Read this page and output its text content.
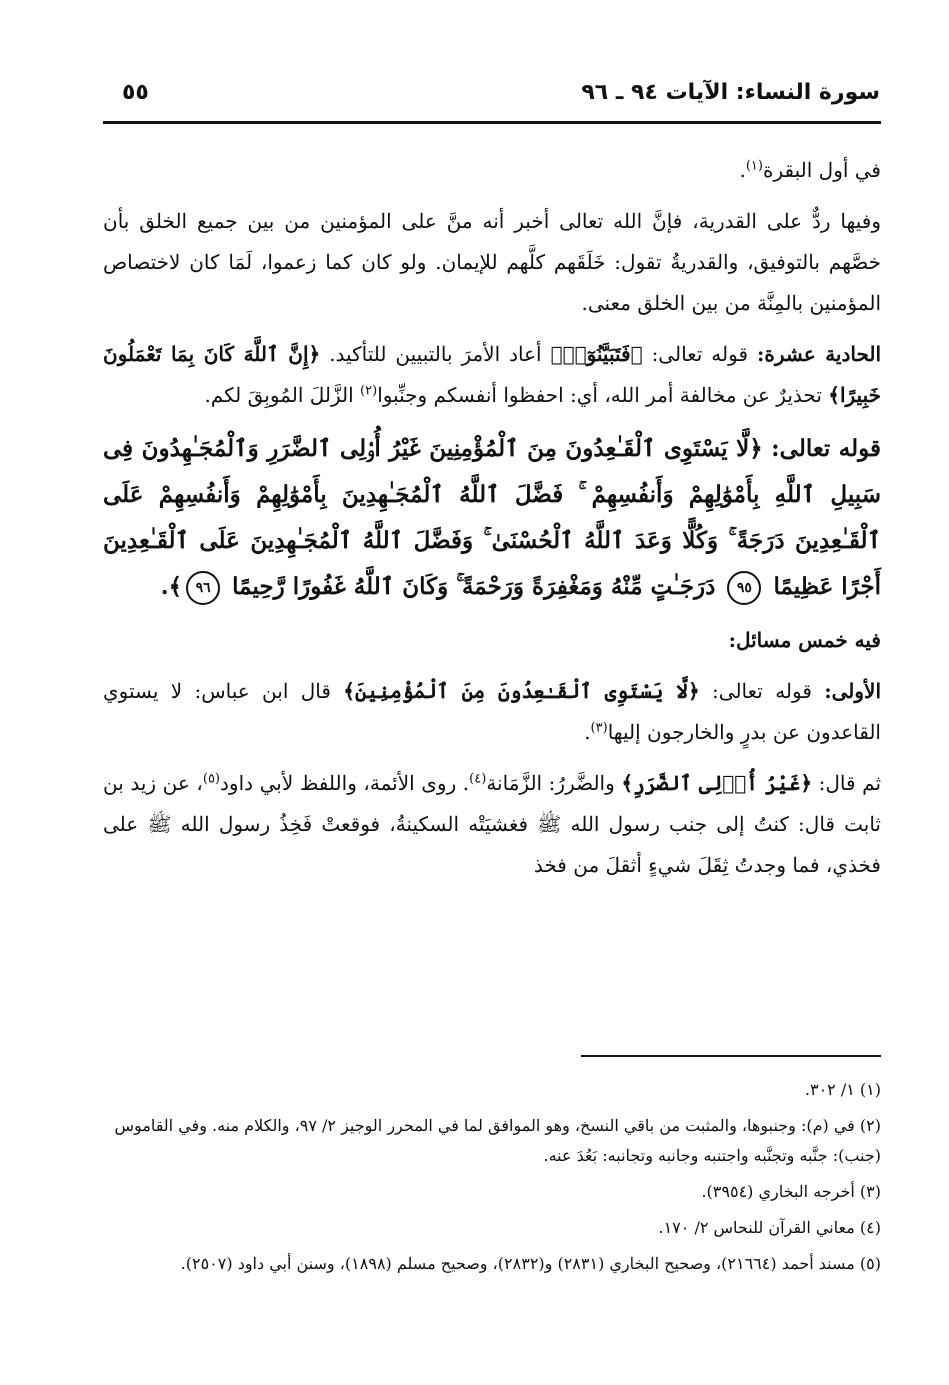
سورة النساء: الآيات ٩٤ ـ ٩٦
٥٥

في أول البقرة$^{(١)}$.

وفيها ردٌّ على القدرية، فإنَّ الله تعالى أخبر أنه منَّ على المؤمنين من بين جميع الخلق بأن خصَّهم بالتوفيق، والقدريةُ تقول: خَلَقَهم كلَّهم للإيمان. ولو كان كما زعموا، لَمَا كان لاختصاص المؤمنين بالمِنَّة من بين الخلق معنى.

الحادية عشرة: قوله تعالى: ﴿فَتَبَيَّنُوٓا۟﴾ أعاد الأمرَ بالتبيين للتأكيد. ﴿إِنَّ ٱللَّهَ كَانَ بِمَا تَعْمَلُونَ خَبِيرًا﴾ تحذيرٌ عن مخالفة أمر الله، أي: احفظوا أنفسكم وجنِّبوا$^{(٢)}$ الزَّللَ المُوبِقَ لكم.

قوله تعالى: ﴿لَّا يَسْتَوِى ٱلْقَـٰعِدُونَ مِنَ ٱلْمُؤْمِنِينَ غَيْرُ أُو۟لِى ٱلضَّرَرِ وَٱلْمُجَـٰهِدُونَ فِى سَبِيلِ ٱللَّهِ بِأَمْوَٰلِهِمْ وَأَنفُسِهِمْ ۚ فَضَّلَ ٱللَّهُ ٱلْمُجَـٰهِدِينَ بِأَمْوَٰلِهِمْ وَأَنفُسِهِمْ عَلَى ٱلْقَـٰعِدِينَ دَرَجَةً ۚ وَكُلًّا وَعَدَ ٱللَّهُ ٱلْحُسْنَىٰ ۚ وَفَضَّلَ ٱللَّهُ ٱلْمُجَـٰهِدِينَ عَلَى ٱلْقَـٰعِدِينَ أَجْرًا عَظِيمًا ٩٥ دَرَجَـٰتٍ مِّنْهُ وَمَغْفِرَةً وَرَحْمَةً ۚ وَكَانَ ٱللَّهُ غَفُورًا رَّحِيمًا ٩٦﴾.

فيه خمس مسائل:

الأولى: قوله تعالى: ﴿لَّا يَسْتَوِى ٱلْقَـٰعِدُونَ مِنَ ٱلْمُؤْمِنِينَ﴾ قال ابن عباس: لا يستوي القاعدون عن بدرٍ والخارجون إليها$^{(٣)}$.

ثم قال: ﴿غَيْرُ أُو۟لِى ٱلضَّرَرِ﴾ والضَّررُ: الزَّمَانة$^{(٤)}$. روى الأئمة، واللفظ لأبي داود$^{(٥)}$، عن زيد بن ثابت قال: كنتُ إلى جنب رسول الله ﷺ فغشيَتْه السكينةُ، فوقعتْ فَخِذُ رسول الله ﷺ على فخذي، فما وجدتُ ثِقَلَ شيءٍ أثقلَ من فخذ

(١) ١/ ٣٠٢.
(٢) في (م): وجنبوها، والمثبت من باقي النسخ، وهو الموافق لما في المحرر الوجيز ٢/ ٩٧، والكلام منه. وفي القاموس (جنب): جنَّبه وتجنَّبه واجتنبه وجانبه وتجانبه: بَعُدَ عنه.
(٣) أخرجه البخاري (٣٩٥٤).
(٤) معاني القرآن للنحاس ٢/ ١٧٠.
(٥) مسند أحمد (٢١٦٦٤)، وصحيح البخاري (٢٨٣١) و(٢٨٣٢)، وصحيح مسلم (١٨٩٨)، وسنن أبي داود (٢٥٠٧).
